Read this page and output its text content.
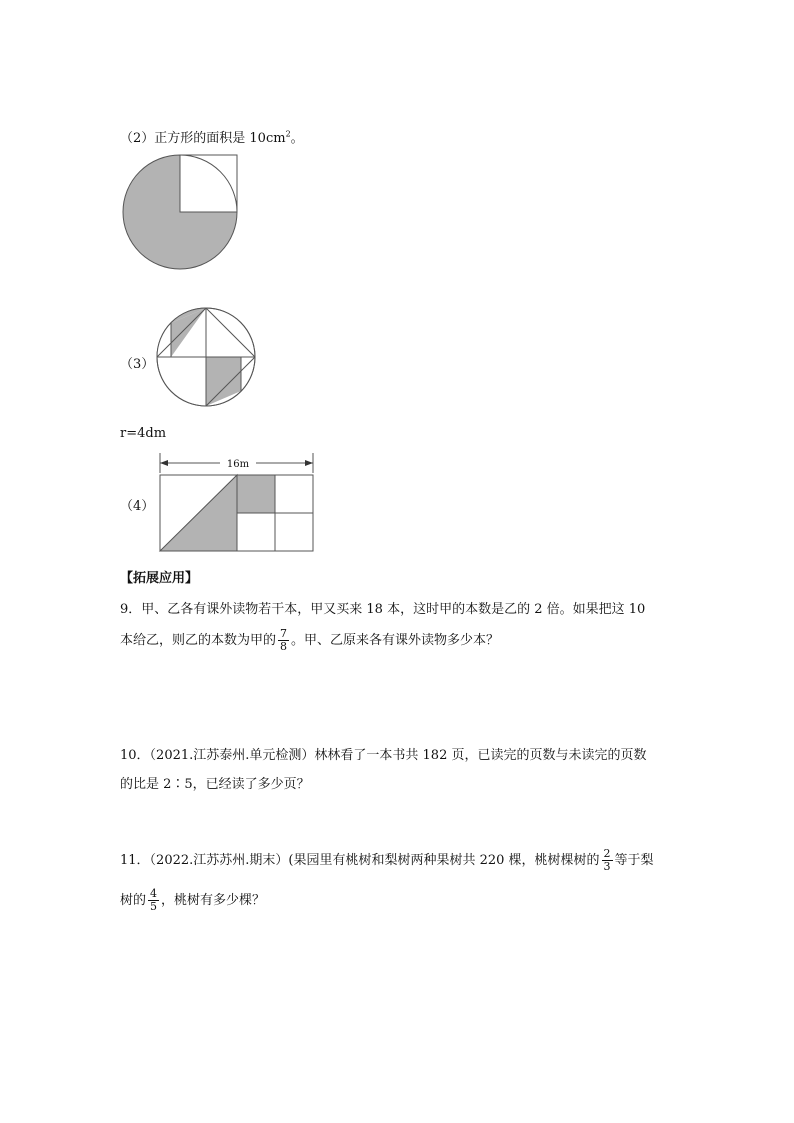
（2）正方形的面积是 $10cm^2$。
（3）
r=4dm
（4）
16m
【拓展应用】
9．甲、乙各有课外读物若干本，甲又买来 18 本，这时甲的本数是乙的 2 倍。如果把这 10
本给乙，则乙的本数为甲的 $\frac{7}{8}$ 。甲、乙原来各有课外读物多少本？
10．（2021.江苏泰州.单元检测）林林看了一本书共 182 页，已读完的页数与未读完的页数
的比是 2∶5，已经读了多少页？
11．（2022.江苏苏州.期末）(果园里有桃树和梨树两种果树共 220 棵，桃树棵树的 $\frac{2}{3}$ 等于梨
树的 $\frac{4}{5}$ ，桃树有多少棵？
